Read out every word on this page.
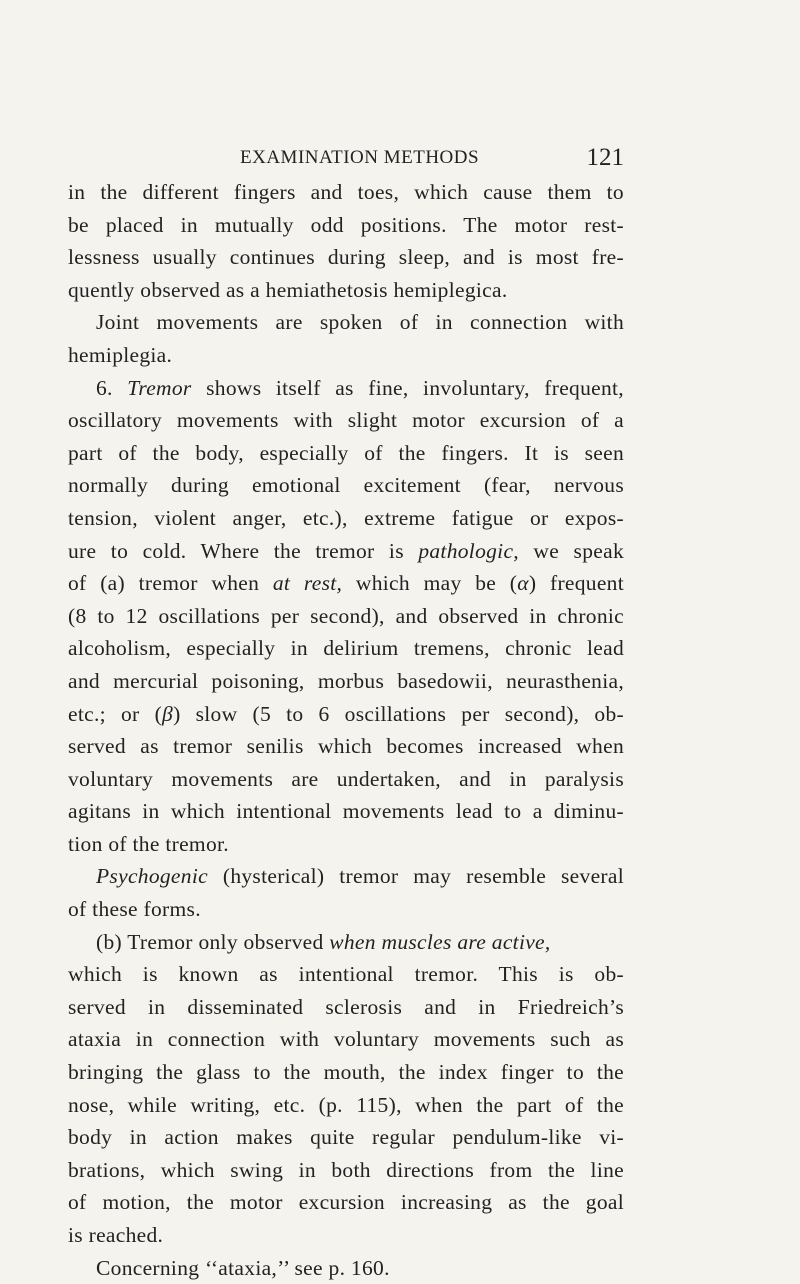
EXAMINATION METHODS	121
in the different fingers and toes, which cause them to
be placed in mutually odd positions. The motor rest-
lessness usually continues during sleep, and is most fre-
quently observed as a hemiathetosis hemiplegica.
Joint movements are spoken of in connection with
hemiplegia.
6. Tremor shows itself as fine, involuntary, frequent,
oscillatory movements with slight motor excursion of a
part of the body, especially of the fingers. It is seen
normally during emotional excitement (fear, nervous
tension, violent anger, etc.), extreme fatigue or expos-
ure to cold. Where the tremor is pathologic, we speak
of (a) tremor when at rest, which may be (α) frequent
(8 to 12 oscillations per second), and observed in chronic
alcoholism, especially in delirium tremens, chronic lead
and mercurial poisoning, morbus basedowii, neurasthenia,
etc.; or (β) slow (5 to 6 oscillations per second), ob-
served as tremor senilis which becomes increased when
voluntary movements are undertaken, and in paralysis
agitans in which intentional movements lead to a diminu-
tion of the tremor.
Psychogenic (hysterical) tremor may resemble several
of these forms.
(b) Tremor only observed when muscles are active,
which is known as intentional tremor. This is ob-
served in disseminated sclerosis and in Friedreich’s
ataxia in connection with voluntary movements such as
bringing the glass to the mouth, the index finger to the
nose, while writing, etc. (p. 115), when the part of the
body in action makes quite regular pendulum-like vi-
brations, which swing in both directions from the line
of motion, the motor excursion increasing as the goal
is reached.
Concerning ‘‘ataxia,’’ see p. 160.
